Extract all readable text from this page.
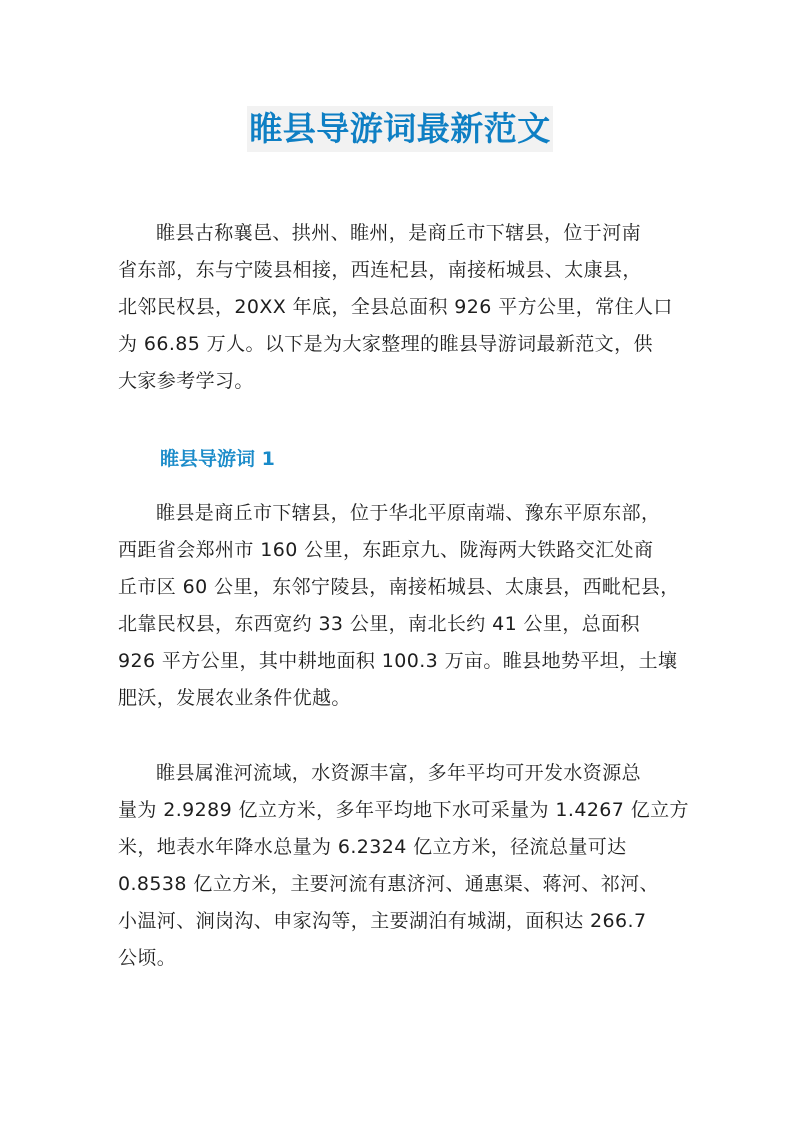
睢县导游词最新范文
睢县古称襄邑、拱州、睢州，是商丘市下辖县，位于河南
省东部，东与宁陵县相接，西连杞县，南接柘城县、太康县，
北邻民权县，20XX 年底，全县总面积 926 平方公里，常住人口
为 66.85 万人。以下是为大家整理的睢县导游词最新范文，供
大家参考学习。
睢县导游词 1
睢县是商丘市下辖县，位于华北平原南端、豫东平原东部，
西距省会郑州市 160 公里，东距京九、陇海两大铁路交汇处商
丘市区 60 公里，东邻宁陵县，南接柘城县、太康县，西毗杞县，
北靠民权县，东西宽约 33 公里，南北长约 41 公里，总面积
926 平方公里，其中耕地面积 100.3 万亩。睢县地势平坦，土壤
肥沃，发展农业条件优越。
睢县属淮河流域，水资源丰富，多年平均可开发水资源总
量为 2.9289 亿立方米，多年平均地下水可采量为 1.4267 亿立方
米，地表水年降水总量为 6.2324 亿立方米，径流总量可达
0.8538 亿立方米，主要河流有惠济河、通惠渠、蒋河、祁河、
小温河、涧岗沟、申家沟等，主要湖泊有城湖，面积达 266.7
公顷。
